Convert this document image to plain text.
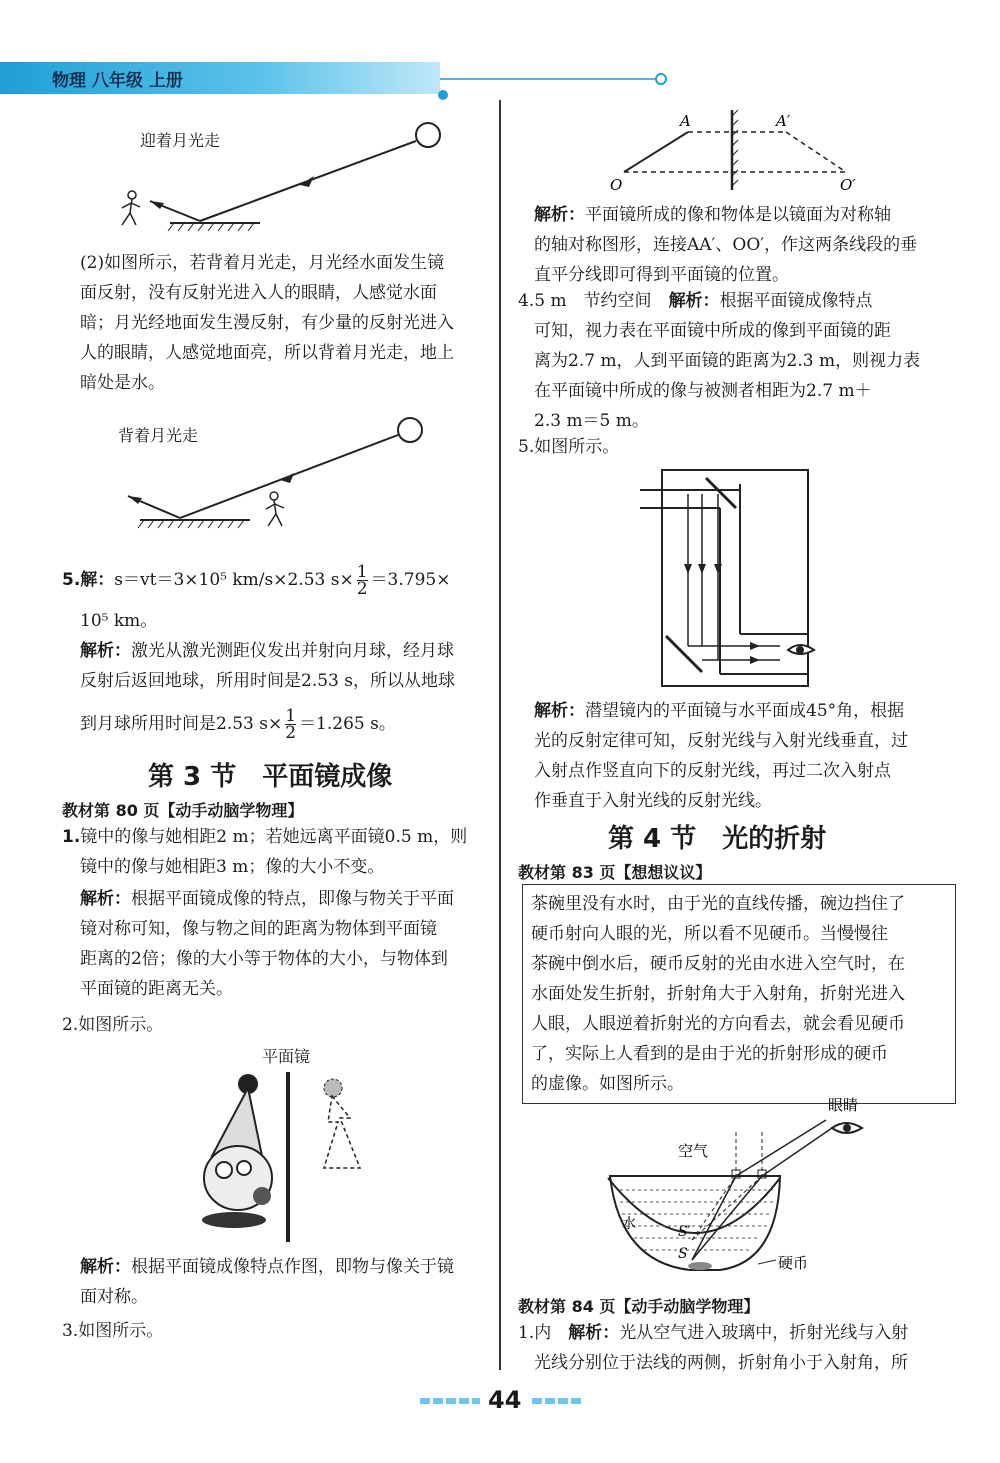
物理 八年级 上册
迎着月光走
(2)如图所示，若背着月光走，月光经水面发生镜
面反射，没有反射光进入人的眼睛，人感觉水面
暗；月光经地面发生漫反射，有少量的反射光进入
人的眼睛，人感觉地面亮，所以背着月光走，地上
暗处是水。
背着月光走
5.解：s＝vt＝3×10⁵ km/s×2.53 $s\times \frac{1}{2} =3.795\times$
10⁵ km。
解析：激光从激光测距仪发出并射向月球，经月球
反射后返回地球，所用时间是2.53 s，所以从地球
到月球所用时间是2.53 $s\times \frac{1}{2} =1.265$ s。
第 3 节　平面镜成像
教材第 80 页【动手动脑学物理】
1.镜中的像与她相距2 m；若她远离平面镜0.5 m，则
镜中的像与她相距3 m；像的大小不变。
解析：根据平面镜成像的特点，即像与物关于平面
镜对称可知，像与物之间的距离为物体到平面镜
距离的2倍；像的大小等于物体的大小，与物体到
平面镜的距离无关。
2.如图所示。
平面镜
解析：根据平面镜成像特点作图，即物与像关于镜
面对称。
3.如图所示。
A	A′
O	O′
解析：平面镜所成的像和物体是以镜面为对称轴
的轴对称图形，连接AA′、OO′，作这两条线段的垂
直平分线即可得到平面镜的位置。
4.5 m　节约空间　解析：根据平面镜成像特点
可知，视力表在平面镜中所成的像到平面镜的距
离为2.7 m，人到平面镜的距离为2.3 m，则视力表
在平面镜中所成的像与被测者相距为2.7 m＋
2.3 m＝5 m。
5.如图所示。
解析：潜望镜内的平面镜与水平面成45°角，根据
光的反射定律可知，反射光线与入射光线垂直，过
入射点作竖直向下的反射光线，再过二次入射点
作垂直于入射光线的反射光线。
第 4 节　光的折射
教材第 83 页【想想议议】
茶碗里没有水时，由于光的直线传播，碗边挡住了
硬币射向人眼的光，所以看不见硬币。当慢慢往
茶碗中倒水后，硬币反射的光由水进入空气时，在
水面处发生折射，折射角大于入射角，折射光进入
人眼，人眼逆着折射光的方向看去，就会看见硬币
了，实际上人看到的是由于光的折射形成的硬币
的虚像。如图所示。
眼睛
空气
水	S′
S	硬币
教材第 84 页【动手动脑学物理】
1.内　解析：光从空气进入玻璃中，折射光线与入射
光线分别位于法线的两侧，折射角小于入射角，所
44
